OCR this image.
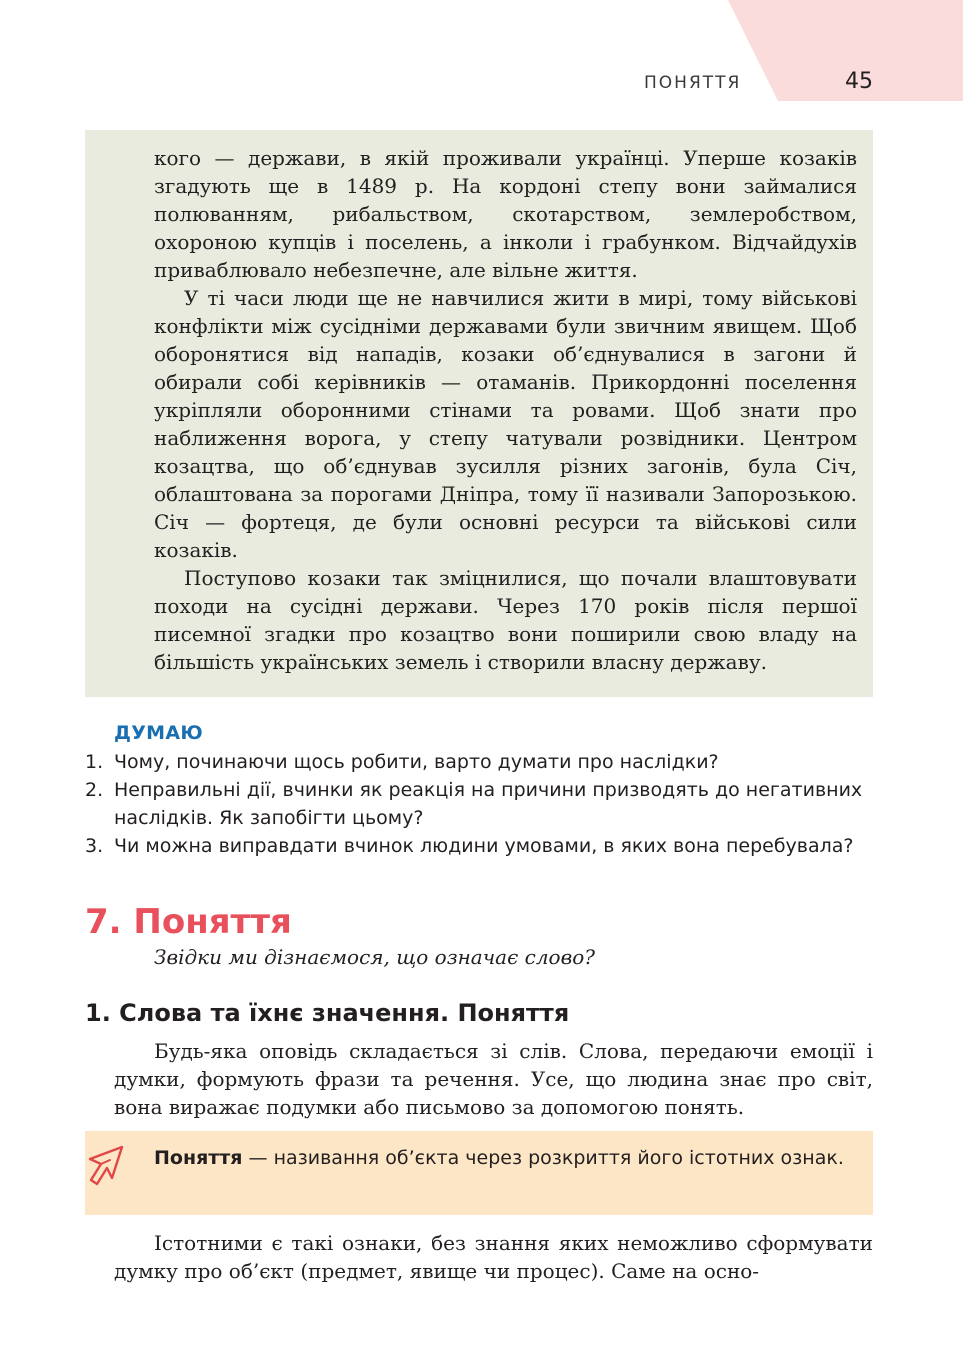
ПОНЯТТЯ	45

кого — держави, в якій проживали українці. Уперше козаків згадують ще в 1489 р. На кордоні степу вони займалися полюванням, рибальством, скотарством, землеробством, охороною купців і поселень, а інколи і грабунком. Відчайдухів приваблювало небезпечне, але вільне життя.

У ті часи люди ще не навчилися жити в мирі, тому військові конфлікти між сусідніми державами були звичним явищем. Щоб оборонятися від нападів, козаки об’єднувалися в загони й обирали собі керівників — отаманів. Прикордонні поселення укріпляли оборонними стінами та ровами. Щоб знати про наближення ворога, у степу чатували розвідники. Центром козацтва, що об’єднував зусилля різних загонів, була Січ, облаштована за порогами Дніпра, тому її називали Запорозькою. Січ — фортеця, де були основні ресурси та військові сили козаків.

Поступово козаки так зміцнилися, що почали влаштовувати походи на сусідні держави. Через 170 років після першої писемної згадки про козацтво вони поширили свою владу на більшість українських земель і створили власну державу.

ДУМАЮ
1. Чому, починаючи щось робити, варто думати про наслідки?
2. Неправильні дії, вчинки як реакція на причини призводять до негативних наслідків. Як запобігти цьому?
3. Чи можна виправдати вчинок людини умовами, в яких вона перебувала?
7. Поняття
Звідки ми дізнаємося, що означає слово?
1. Слова та їхнє значення. Поняття

Будь-яка оповідь складається зі слів. Слова, передаючи емоції і думки, формують фрази та речення. Усе, що людина знає про світ, вона виражає подумки або письмово за допомогою понять.

Поняття — називання об’єкта через розкриття його істотних ознак.

Істотними є такі ознаки, без знання яких неможливо сформувати думку про об’єкт (предмет, явище чи процес). Саме на осно-
